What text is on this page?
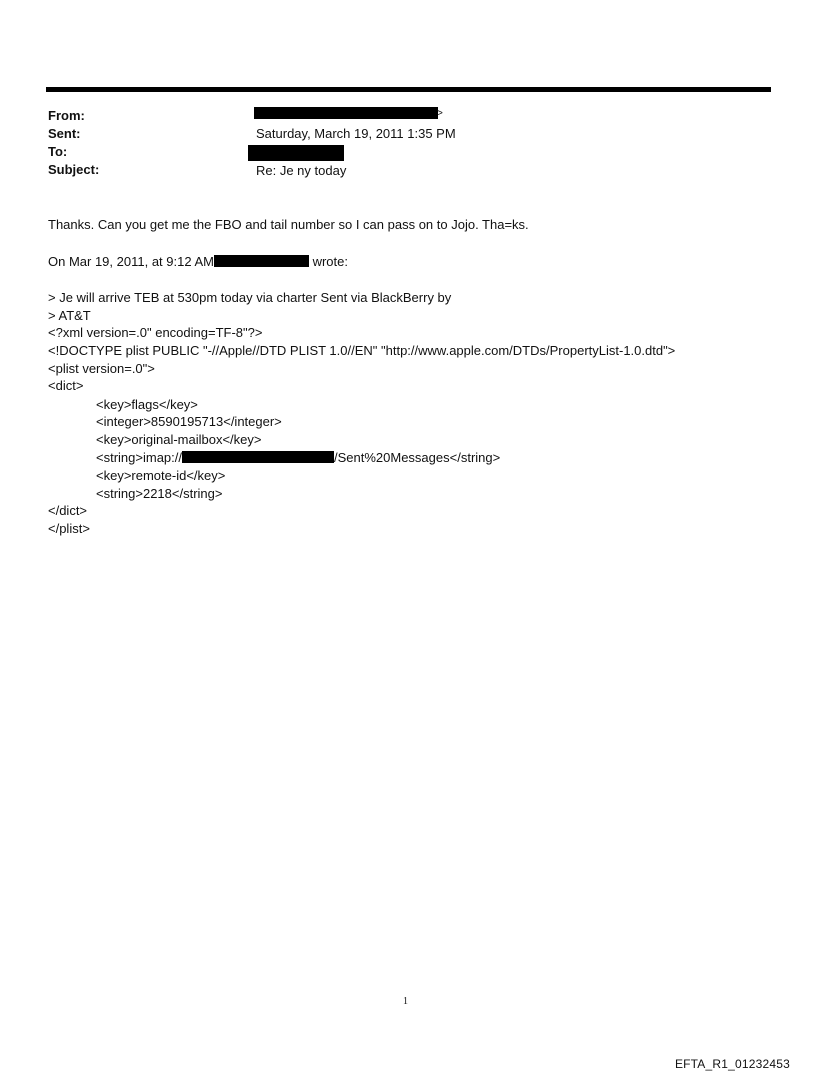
From:
Sent:
To:
Subject:
>
Saturday, March 19, 2011 1:35 PM
Re: Je ny today
Thanks. Can you get me the FBO and tail number so I can pass on to Jojo. Tha=ks.
On Mar 19, 2011, at 9:12 AM	wrote:
> Je will arrive TEB at 530pm today via charter Sent via BlackBerry by
> AT&T
<?xml version=.0" encoding=TF-8"?>
<!DOCTYPE plist PUBLIC "-//Apple//DTD PLIST 1.0//EN" "http://www.apple.com/DTDs/PropertyList-1.0.dtd">
<plist version=.0">
<dict>
<key>flags</key>
<integer>8590195713</integer>
<key>original-mailbox</key>
<string>imap://	/Sent%20Messages</string>
<key>remote-id</key>
<string>2218</string>
</dict>
</plist>
1
EFTA_R1_01232453
